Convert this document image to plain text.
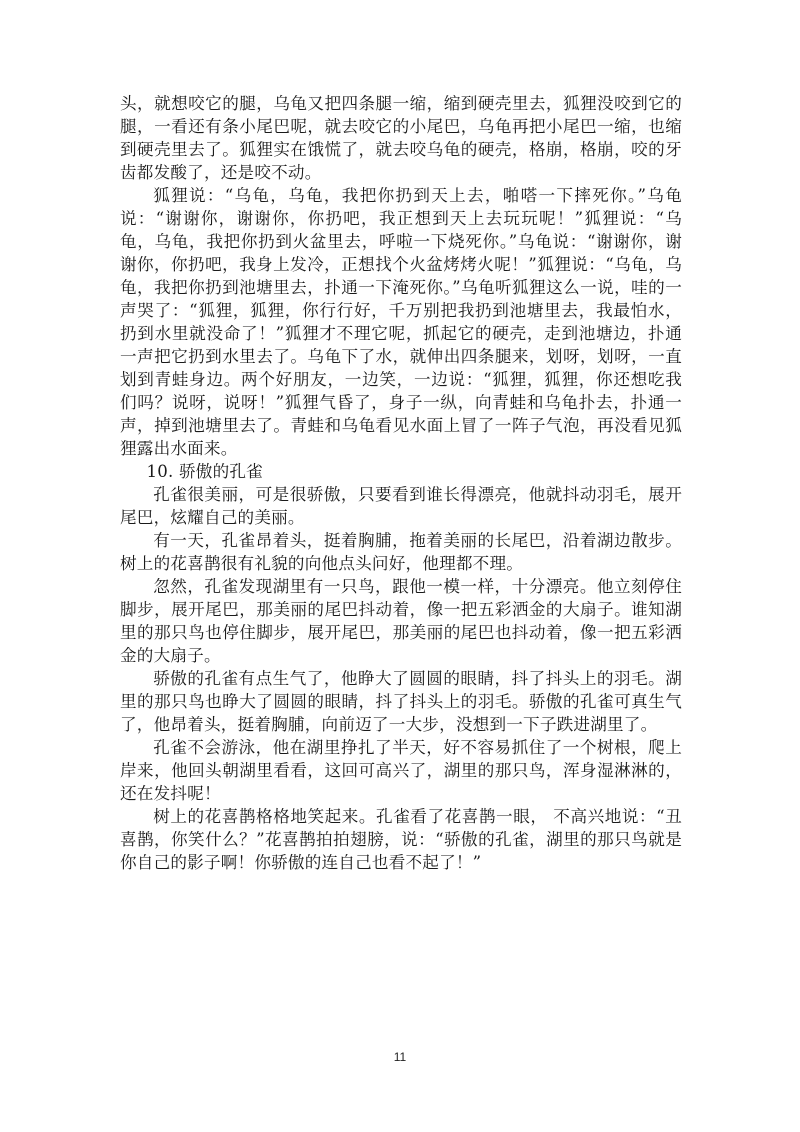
头，就想咬它的腿，乌龟又把四条腿一缩，缩到硬壳里去，狐狸没咬到它的腿，一看还有条小尾巴呢，就去咬它的小尾巴，乌龟再把小尾巴一缩，也缩到硬壳里去了。狐狸实在饿慌了，就去咬乌龟的硬壳，格崩，格崩，咬的牙齿都发酸了，还是咬不动。

狐狸说：“乌龟，乌龟，我把你扔到天上去，啪嗒一下摔死你。”乌龟说：“谢谢你，谢谢你，你扔吧，我正想到天上去玩玩呢！”狐狸说：“乌龟，乌龟，我把你扔到火盆里去，呼啦一下烧死你。”乌龟说：“谢谢你，谢谢你，你扔吧，我身上发冷，正想找个火盆烤烤火呢！”狐狸说：“乌龟，乌龟，我把你扔到池塘里去，扑通一下淹死你。”乌龟听狐狸这么一说，哇的一声哭了：“狐狸，狐狸，你行行好，千万别把我扔到池塘里去，我最怕水，扔到水里就没命了！”狐狸才不理它呢，抓起它的硬壳，走到池塘边，扑通一声把它扔到水里去了。乌龟下了水，就伸出四条腿来，划呀，划呀，一直划到青蛙身边。两个好朋友，一边笑，一边说：“狐狸，狐狸，你还想吃我们吗？说呀，说呀！”狐狸气昏了，身子一纵，向青蛙和乌龟扑去，扑通一声，掉到池塘里去了。青蛙和乌龟看见水面上冒了一阵子气泡，再没看见狐狸露出水面来。

10. 骄傲的孔雀

孔雀很美丽，可是很骄傲，只要看到谁长得漂亮，他就抖动羽毛，展开尾巴，炫耀自己的美丽。

有一天，孔雀昂着头，挺着胸脯，拖着美丽的长尾巴，沿着湖边散步。树上的花喜鹊很有礼貌的向他点头问好，他理都不理。

忽然，孔雀发现湖里有一只鸟，跟他一模一样，十分漂亮。他立刻停住脚步，展开尾巴，那美丽的尾巴抖动着，像一把五彩洒金的大扇子。谁知湖里的那只鸟也停住脚步，展开尾巴，那美丽的尾巴也抖动着，像一把五彩洒金的大扇子。

骄傲的孔雀有点生气了，他睁大了圆圆的眼睛，抖了抖头上的羽毛。湖里的那只鸟也睁大了圆圆的眼睛，抖了抖头上的羽毛。骄傲的孔雀可真生气了，他昂着头，挺着胸脯，向前迈了一大步，没想到一下子跌进湖里了。

孔雀不会游泳，他在湖里挣扎了半天，好不容易抓住了一个树根，爬上岸来，他回头朝湖里看看，这回可高兴了，湖里的那只鸟，浑身湿淋淋的，还在发抖呢！

树上的花喜鹊格格地笑起来。孔雀看了花喜鹊一眼， 不高兴地说：“丑喜鹊，你笑什么？”花喜鹊拍拍翅膀，说：“骄傲的孔雀，湖里的那只鸟就是你自己的影子啊！你骄傲的连自己也看不起了！”

11
